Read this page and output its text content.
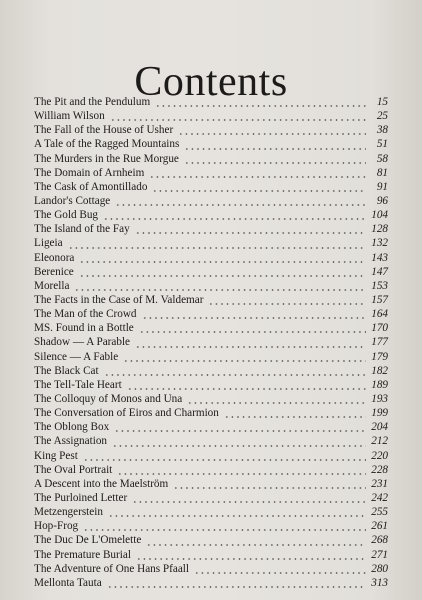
Contents
The Pit and the Pendulum	15
William Wilson	25
The Fall of the House of Usher	38
A Tale of the Ragged Mountains	51
The Murders in the Rue Morgue	58
The Domain of Arnheim	81
The Cask of Amontillado	91
Landor's Cottage	96
The Gold Bug	104
The Island of the Fay	128
Ligeia	132
Eleonora	143
Berenice	147
Morella	153
The Facts in the Case of M. Valdemar	157
The Man of the Crowd	164
MS. Found in a Bottle	170
Shadow — A Parable	177
Silence — A Fable	179
The Black Cat	182
The Tell-Tale Heart	189
The Colloquy of Monos and Una	193
The Conversation of Eiros and Charmion	199
The Oblong Box	204
The Assignation	212
King Pest	220
The Oval Portrait	228
A Descent into the Maelström	231
The Purloined Letter	242
Metzengerstein	255
Hop-Frog	261
The Duc De L'Omelette	268
The Premature Burial	271
The Adventure of One Hans Pfaall	280
Mellonta Tauta	313
